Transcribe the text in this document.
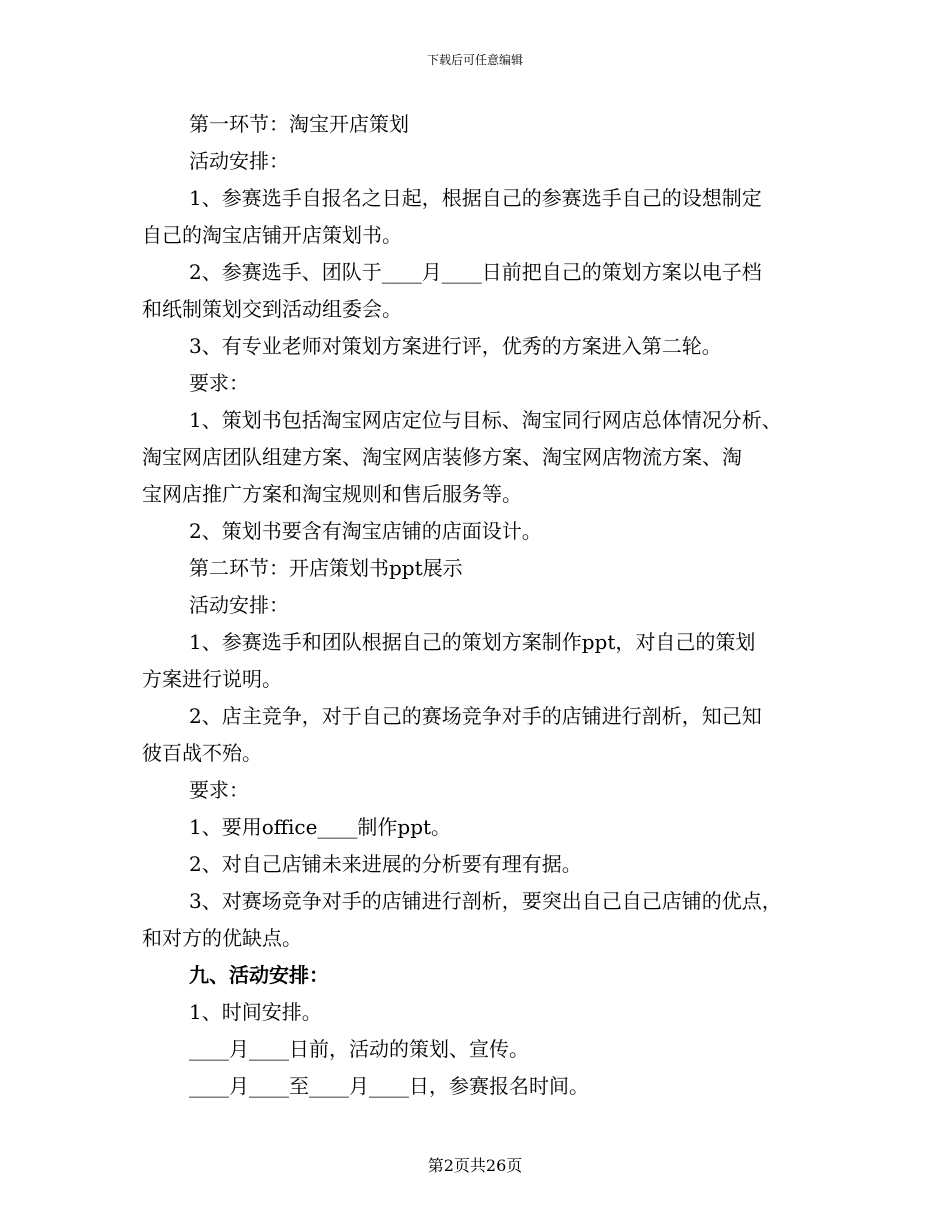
下载后可任意编辑
第一环节：淘宝开店策划
活动安排：
1、参赛选手自报名之日起，根据自己的参赛选手自己的设想制定
自己的淘宝店铺开店策划书。
2、参赛选手、团队于____月____日前把自己的策划方案以电子档
和纸制策划交到活动组委会。
3、有专业老师对策划方案进行评，优秀的方案进入第二轮。
要求：
1、策划书包括淘宝网店定位与目标、淘宝同行网店总体情况分析、
淘宝网店团队组建方案、淘宝网店装修方案、淘宝网店物流方案、淘
宝网店推广方案和淘宝规则和售后服务等。
2、策划书要含有淘宝店铺的店面设计。
第二环节：开店策划书ppt展示
活动安排：
1、参赛选手和团队根据自己的策划方案制作ppt，对自己的策划
方案进行说明。
2、店主竞争，对于自己的赛场竞争对手的店铺进行剖析，知己知
彼百战不殆。
要求：
1、要用office____制作ppt。
2、对自己店铺未来进展的分析要有理有据。
3、对赛场竞争对手的店铺进行剖析，要突出自己自己店铺的优点，
和对方的优缺点。
九、活动安排：
1、时间安排。
____月____日前，活动的策划、宣传。
____月____至____月____日，参赛报名时间。
第2页共26页
